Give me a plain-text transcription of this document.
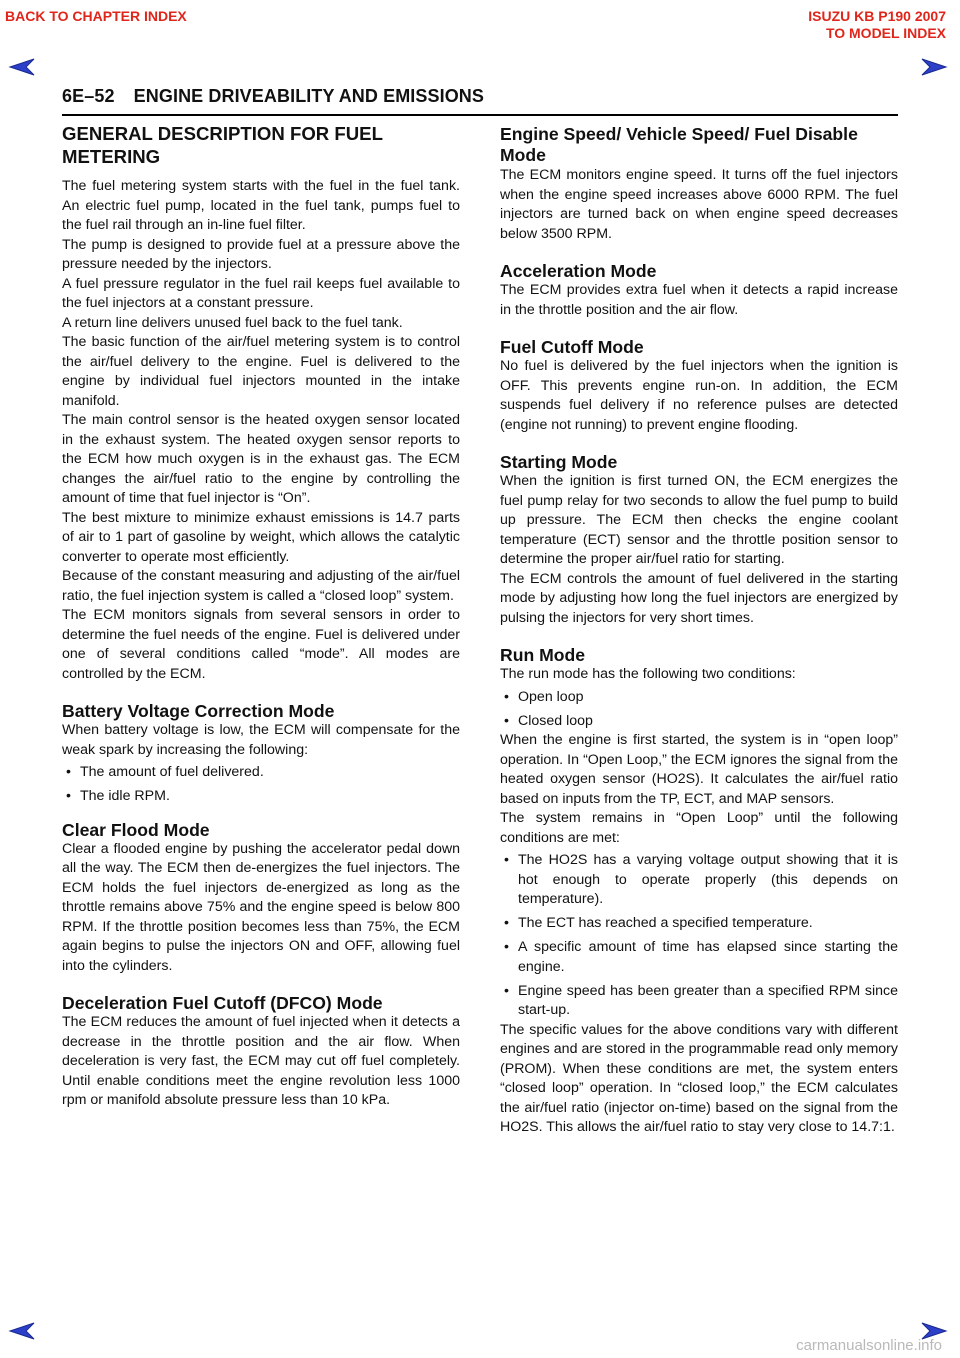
BACK TO CHAPTER INDEX	ISUZU KB P190 2007
TO MODEL INDEX
6E–52 ENGINE DRIVEABILITY AND EMISSIONS
GENERAL DESCRIPTION FOR FUEL METERING

The fuel metering system starts with the fuel in the fuel tank. An electric fuel pump, located in the fuel tank, pumps fuel to the fuel rail through an in-line fuel filter.

The pump is designed to provide fuel at a pressure above the pressure needed by the injectors.

A fuel pressure regulator in the fuel rail keeps fuel available to the fuel injectors at a constant pressure.

A return line delivers unused fuel back to the fuel tank.

The basic function of the air/fuel metering system is to control the air/fuel delivery to the engine. Fuel is delivered to the engine by individual fuel injectors mounted in the intake manifold.

The main control sensor is the heated oxygen sensor located in the exhaust system. The heated oxygen sensor reports to the ECM how much oxygen is in the exhaust gas. The ECM changes the air/fuel ratio to the engine by controlling the amount of time that fuel injector is “On”.

The best mixture to minimize exhaust emissions is 14.7 parts of air to 1 part of gasoline by weight, which allows the catalytic converter to operate most efficiently.

Because of the constant measuring and adjusting of the air/fuel ratio, the fuel injection system is called a “closed loop” system.

The ECM monitors signals from several sensors in order to determine the fuel needs of the engine. Fuel is delivered under one of several conditions called “mode”. All modes are controlled by the ECM.

Battery Voltage Correction Mode

When battery voltage is low, the ECM will compensate for the weak spark by increasing the following:

• The amount of fuel delivered.
• The idle RPM.
Clear Flood Mode

Clear a flooded engine by pushing the accelerator pedal down all the way. The ECM then de-energizes the fuel injectors. The ECM holds the fuel injectors de-energized as long as the throttle remains above 75% and the engine speed is below 800 RPM. If the throttle position becomes less than 75%, the ECM again begins to pulse the injectors ON and OFF, allowing fuel into the cylinders.

Deceleration Fuel Cutoff (DFCO) Mode

The ECM reduces the amount of fuel injected when it detects a decrease in the throttle position and the air flow. When deceleration is very fast, the ECM may cut off fuel completely. Until enable conditions meet the engine revolution less 1000 rpm or manifold absolute pressure less than 10 kPa.

Engine Speed/ Vehicle Speed/ Fuel Disable Mode

The ECM monitors engine speed. It turns off the fuel injectors when the engine speed increases above 6000 RPM. The fuel injectors are turned back on when engine speed decreases below 3500 RPM.

Acceleration Mode

The ECM provides extra fuel when it detects a rapid increase in the throttle position and the air flow.

Fuel Cutoff Mode

No fuel is delivered by the fuel injectors when the ignition is OFF. This prevents engine run-on. In addition, the ECM suspends fuel delivery if no reference pulses are detected (engine not running) to prevent engine flooding.

Starting Mode

When the ignition is first turned ON, the ECM energizes the fuel pump relay for two seconds to allow the fuel pump to build up pressure. The ECM then checks the engine coolant temperature (ECT) sensor and the throttle position sensor to determine the proper air/fuel ratio for starting.

The ECM controls the amount of fuel delivered in the starting mode by adjusting how long the fuel injectors are energized by pulsing the injectors for very short times.

Run Mode

The run mode has the following two conditions:

• Open loop
• Closed loop

When the engine is first started, the system is in “open loop” operation. In “Open Loop,” the ECM ignores the signal from the heated oxygen sensor (HO2S). It calculates the air/fuel ratio based on inputs from the TP, ECT, and MAP sensors.

The system remains in “Open Loop” until the following conditions are met:

• The HO2S has a varying voltage output showing that it is hot enough to operate properly (this depends on temperature).
• The ECT has reached a specified temperature.
• A specific amount of time has elapsed since starting the engine.
• Engine speed has been greater than a specified RPM since start-up.

The specific values for the above conditions vary with different engines and are stored in the programmable read only memory (PROM). When these conditions are met, the system enters “closed loop” operation. In “closed loop,” the ECM calculates the air/fuel ratio (injector on-time) based on the signal from the HO2S. This allows the air/fuel ratio to stay very close to 14.7:1.

carmanualsonline.info
